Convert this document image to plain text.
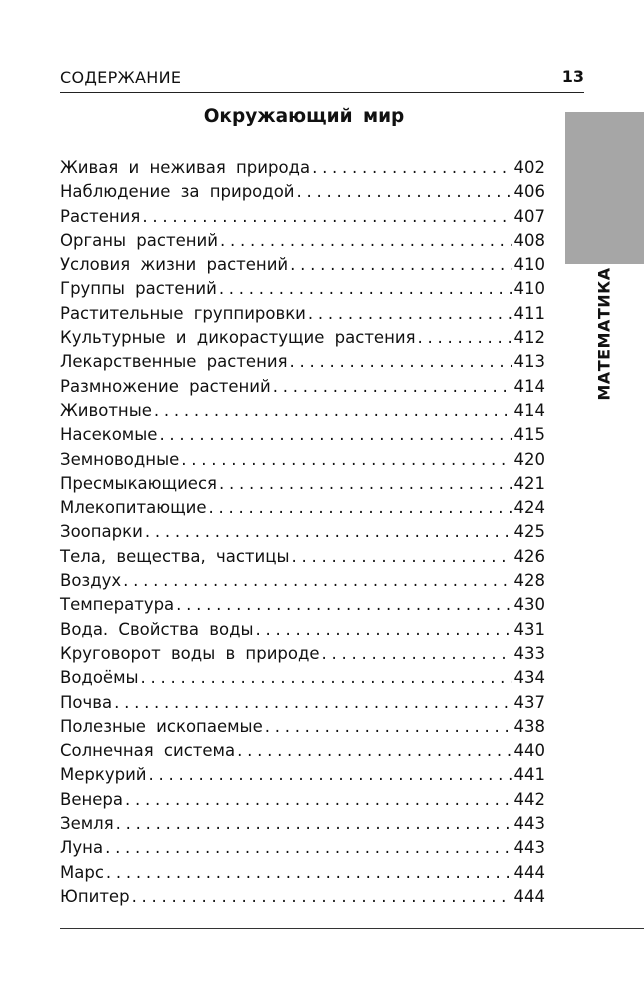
СОДЕРЖАНИЕ	13
Окружающий мир
Живая и неживая природа . . .	402
Наблюдение за природой . . .	406
Растения . . .	407
Органы растений . . .	408
Условия жизни растений . . .	410
Группы растений . . .	410
Растительные группировки . . .	411
Культурные и дикорастущие растения . . .	412
Лекарственные растения . . .	413
Размножение растений . . .	414
Животные . . .	414
Насекомые . . .	415
Земноводные . . .	420
Пресмыкающиеся . . .	421
Млекопитающие . . .	424
Зоопарки . . .	425
Тела, вещества, частицы . . .	426
Воздух . . .	428
Температура . . .	430
Вода. Свойства воды . . .	431
Круговорот воды в природе . . .	433
Водоёмы . . .	434
Почва . . .	437
Полезные ископаемые . . .	438
Солнечная система . . .	440
Меркурий . . .	441
Венера . . .	442
Земля . . .	443
Луна . . .	443
Марс . . .	444
Юпитер . . .	444
МАТЕМАТИКА
